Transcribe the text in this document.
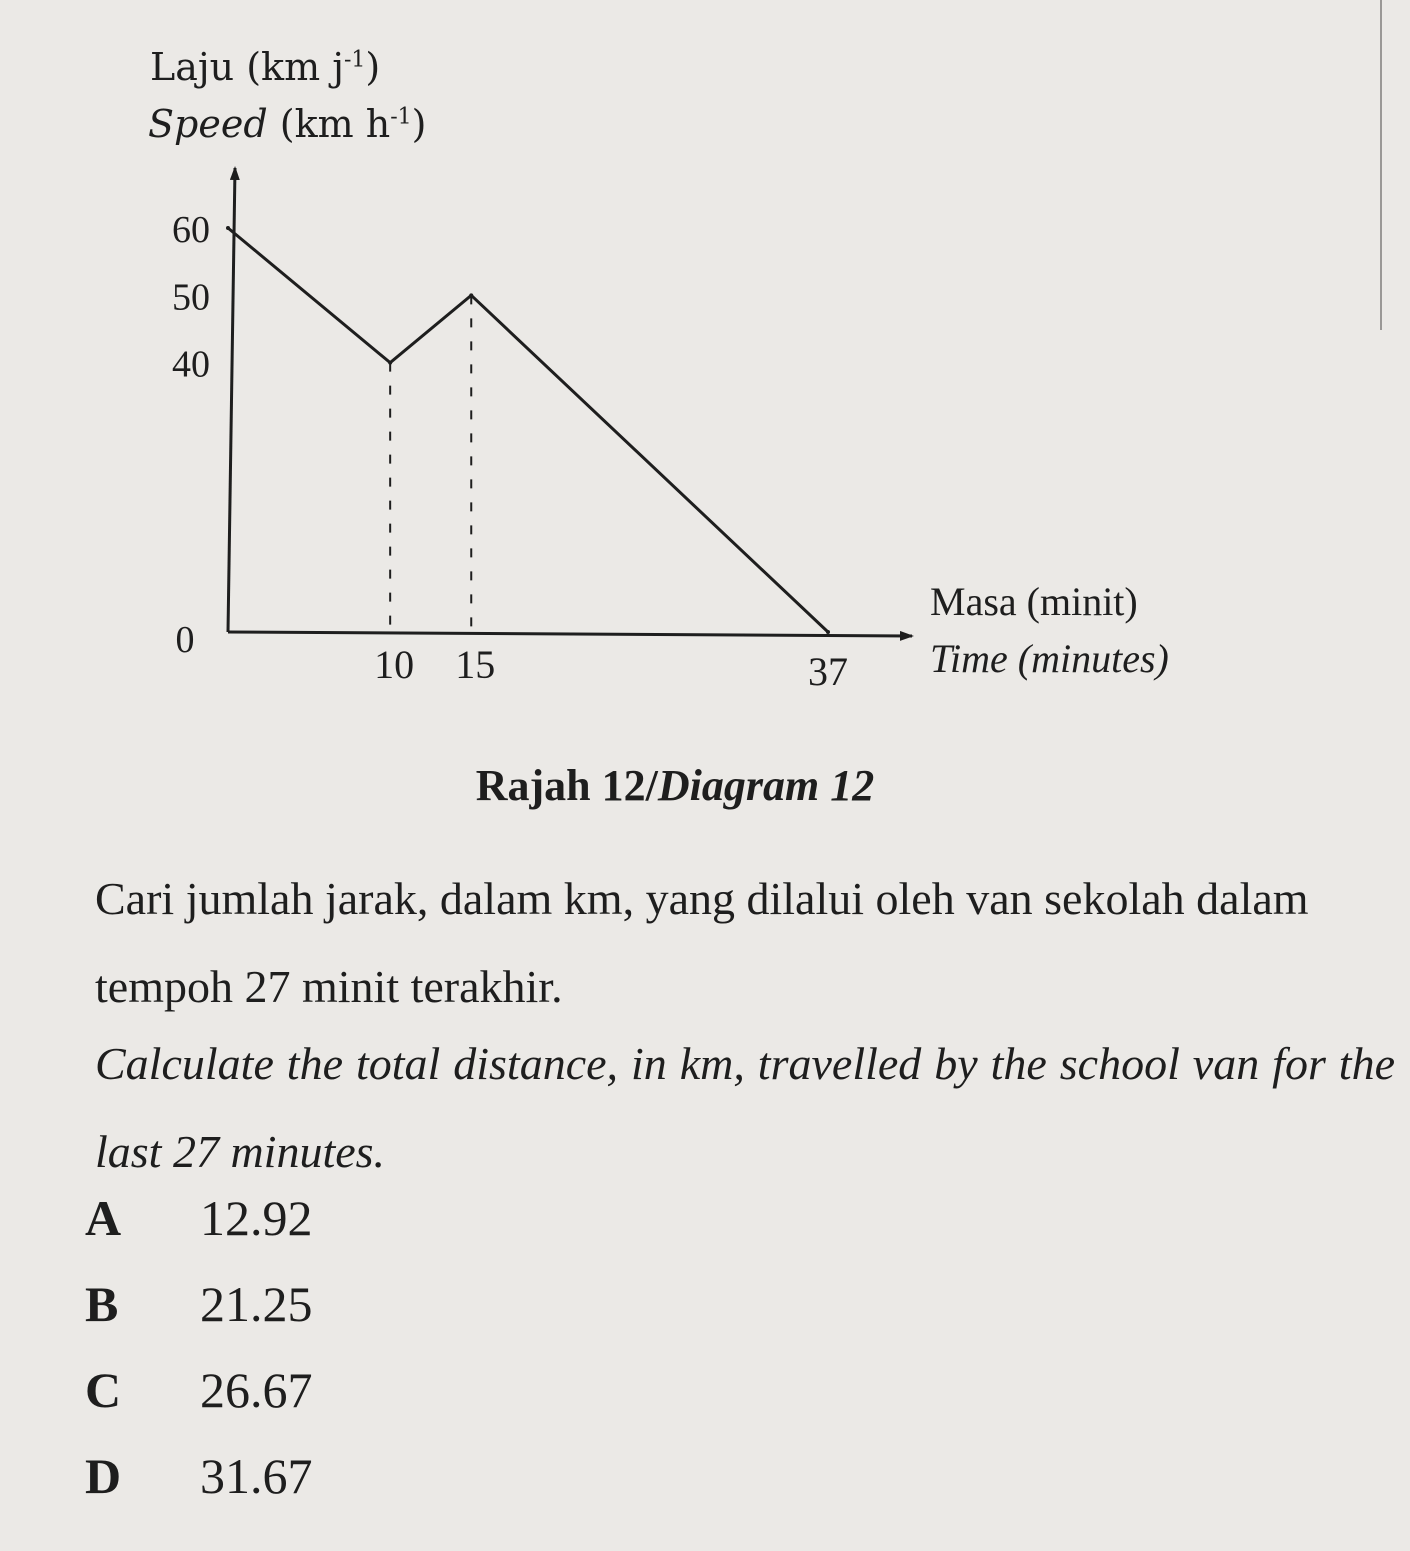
Laju (km $j^{-1}$)
Speed (km $h^{-1}$)
0
60
50
40
10 15	37
Masa (minit)
Time (minutes)
Rajah 12/Diagram 12
Cari jumlah jarak, dalam km, yang dilalui oleh van sekolah dalam tempoh 27 minit terakhir.
Calculate the total distance, in km, travelled by the school van for the last 27 minutes.
A	12.92
B	21.25
C	26.67
D	31.67
